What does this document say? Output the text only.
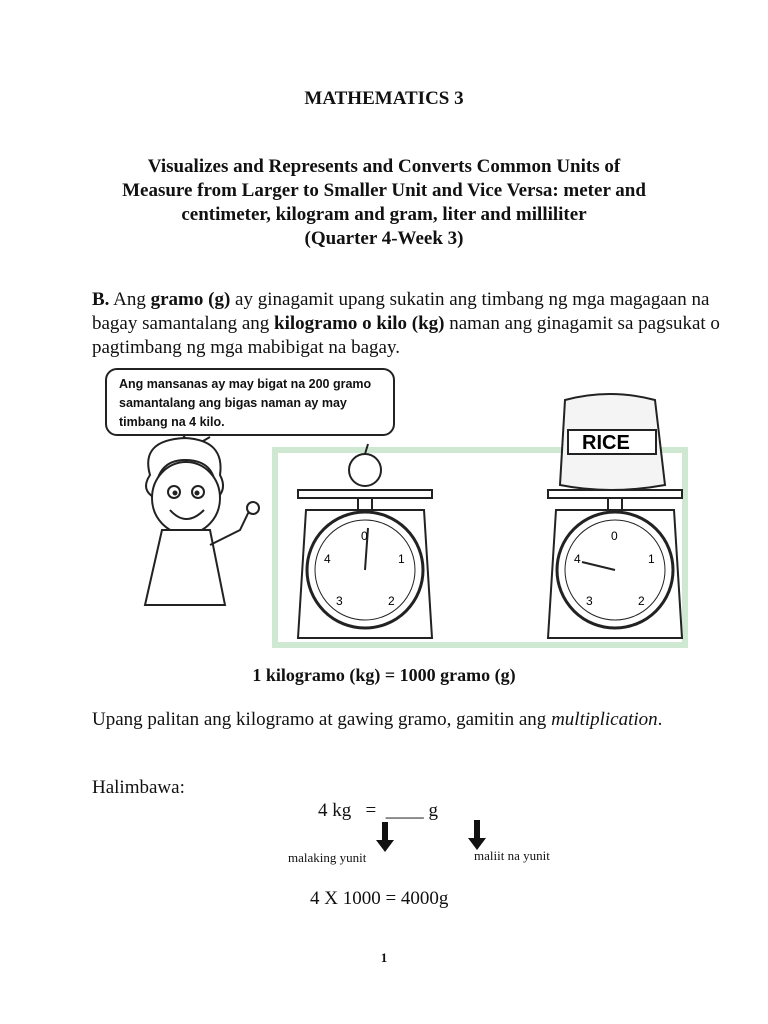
MATHEMATICS 3
Visualizes and Represents and Converts Common Units of
Measure from Larger to Smaller Unit and Vice Versa: meter and
centimeter, kilogram and gram, liter and milliliter
(Quarter 4-Week 3)
B. Ang gramo (g) ay ginagamit upang sukatin ang timbang ng mga magagaan na bagay samantalang ang kilogramo o kilo (kg) naman ang ginagamit sa pagsukat o pagtimbang ng mga mabibigat na bagay.
0
1
2
3
4
RICE
0
1
2
3
4
Ang mansanas ay may bigat na 200 gramo samantalang ang bigas naman ay may timbang na 4 kilo.
1 kilogramo (kg) = 1000 gramo (g)
Upang palitan ang kilogramo at gawing gramo, gamitin ang multiplication.
Halimbawa:
4 kg   =  ____ g
malaking yunit	maliit na yunit
4 X 1000 = 4000g
1
